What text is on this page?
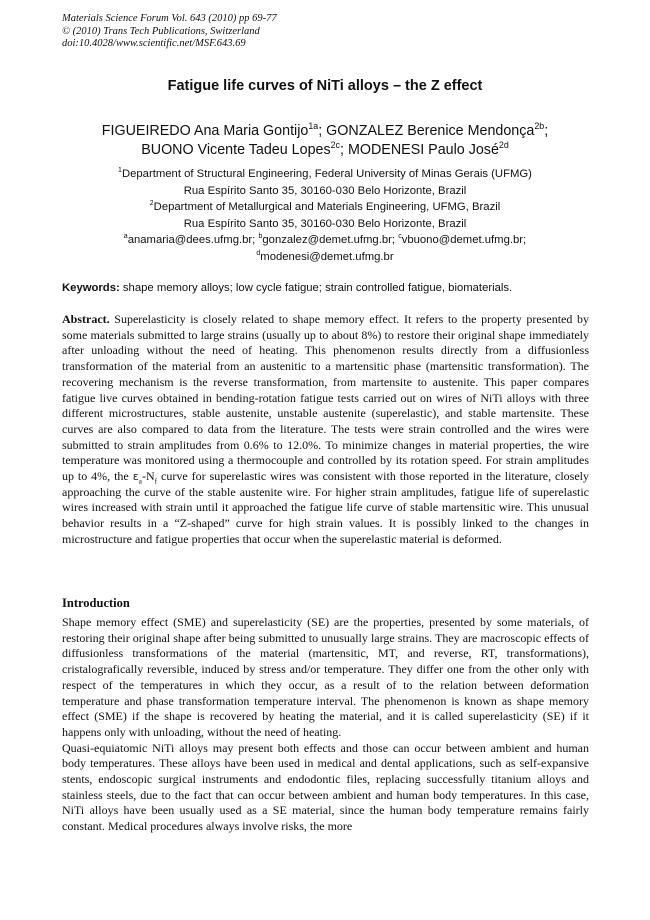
Materials Science Forum Vol. 643 (2010) pp 69-77
© (2010) Trans Tech Publications, Switzerland
doi:10.4028/www.scientific.net/MSF.643.69
Fatigue life curves of NiTi alloys – the Z effect
FIGUEIREDO Ana Maria Gontijo$^{1a}$; GONZALEZ Berenice Mendonça$^{2b}$;
BUONO Vicente Tadeu Lopes$^{2c}$; MODENESI Paulo José$^{2d}$
$^1$Department of Structural Engineering, Federal University of Minas Gerais (UFMG)
Rua Espírito Santo 35, 30160-030 Belo Horizonte, Brazil
$^2$Department of Metallurgical and Materials Engineering, UFMG, Brazil
Rua Espírito Santo 35, 30160-030 Belo Horizonte, Brazil
$^a$anamaria@dees.ufmg.br; $^b$gonzalez@demet.ufmg.br; $^c$vbuono@demet.ufmg.br;
$^d$modenesi@demet.ufmg.br
Keywords: shape memory alloys; low cycle fatigue; strain controlled fatigue, biomaterials.
Abstract. Superelasticity is closely related to shape memory effect. It refers to the property presented by some materials submitted to large strains (usually up to about 8%) to restore their original shape immediately after unloading without the need of heating. This phenomenon results directly from a diffusionless transformation of the material from an austenitic to a martensitic phase (martensitic transformation). The recovering mechanism is the reverse transformation, from martensite to austenite. This paper compares fatigue live curves obtained in bending-rotation fatigue tests carried out on wires of NiTi alloys with three different microstructures, stable austenite, unstable austenite (superelastic), and stable martensite. These curves are also compared to data from the literature. The tests were strain controlled and the wires were submitted to strain amplitudes from 0.6% to 12.0%. To minimize changes in material properties, the wire temperature was monitored using a thermocouple and controlled by its rotation speed. For strain amplitudes up to 4%, the $\varepsilon_a-N_f$ curve for superelastic wires was consistent with those reported in the literature, closely approaching the curve of the stable austenite wire. For higher strain amplitudes, fatigue life of superelastic wires increased with strain until it approached the fatigue life curve of stable martensitic wire. This unusual behavior results in a “Z-shaped” curve for high strain values. It is possibly linked to the changes in microstructure and fatigue properties that occur when the superelastic material is deformed.
Introduction

Shape memory effect (SME) and superelasticity (SE) are the properties, presented by some materials, of restoring their original shape after being submitted to unusually large strains. They are macroscopic effects of diffusionless transformations of the material (martensitic, MT, and reverse, RT, transformations), cristalografically reversible, induced by stress and/or temperature. They differ one from the other only with respect of the temperatures in which they occur, as a result of to the relation between deformation temperature and phase transformation temperature interval. The phenomenon is known as shape memory effect (SME) if the shape is recovered by heating the material, and it is called superelasticity (SE) if it happens only with unloading, without the need of heating.

Quasi-equiatomic NiTi alloys may present both effects and those can occur between ambient and human body temperatures. These alloys have been used in medical and dental applications, such as self-expansive stents, endoscopic surgical instruments and endodontic files, replacing successfully titanium alloys and stainless steels, due to the fact that can occur between ambient and human body temperatures. In this case, NiTi alloys have been usually used as a SE material, since the human body temperature remains fairly constant. Medical procedures always involve risks, the more
